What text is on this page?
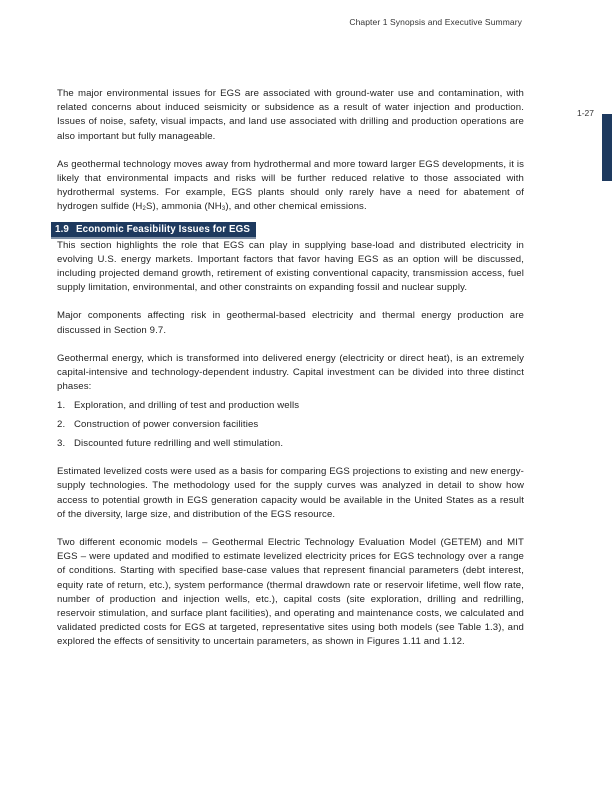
Chapter 1 Synopsis and Executive Summary
1-27

The major environmental issues for EGS are associated with ground-water use and contamination, with related concerns about induced seismicity or subsidence as a result of water injection and production. Issues of noise, safety, visual impacts, and land use associated with drilling and production operations are also important but fully manageable.

As geothermal technology moves away from hydrothermal and more toward larger EGS developments, it is likely that environmental impacts and risks will be further reduced relative to those associated with hydrothermal systems. For example, EGS plants should only rarely have a need for abatement of hydrogen sulfide $(H_2S)$, ammonia $(NH_3)$, and other chemical emissions.

1.9 Economic Feasibility Issues for EGS

This section highlights the role that EGS can play in supplying base-load and distributed electricity in evolving U.S. energy markets. Important factors that favor having EGS as an option will be discussed, including projected demand growth, retirement of existing conventional capacity, transmission access, fuel supply limitation, environmental, and other constraints on expanding fossil and nuclear supply.

Major components affecting risk in geothermal-based electricity and thermal energy production are discussed in Section 9.7.

Geothermal energy, which is transformed into delivered energy (electricity or direct heat), is an extremely capital-intensive and technology-dependent industry. Capital investment can be divided into three distinct phases:

1. Exploration, and drilling of test and production wells
2. Construction of power conversion facilities
3. Discounted future redrilling and well stimulation.

Estimated levelized costs were used as a basis for comparing EGS projections to existing and new energy-supply technologies. The methodology used for the supply curves was analyzed in detail to show how access to potential growth in EGS generation capacity would be available in the United States as a result of the diversity, large size, and distribution of the EGS resource.

Two different economic models – Geothermal Electric Technology Evaluation Model (GETEM) and MIT EGS – were updated and modified to estimate levelized electricity prices for EGS technology over a range of conditions. Starting with specified base-case values that represent financial parameters (debt interest, equity rate of return, etc.), system performance (thermal drawdown rate or reservoir lifetime, well flow rate, number of production and injection wells, etc.), capital costs (site exploration, drilling and redrilling, reservoir stimulation, and surface plant facilities), and operating and maintenance costs, we calculated and validated predicted costs for EGS at targeted, representative sites using both models (see Table 1.3), and explored the effects of sensitivity to uncertain parameters, as shown in Figures 1.11 and 1.12.
